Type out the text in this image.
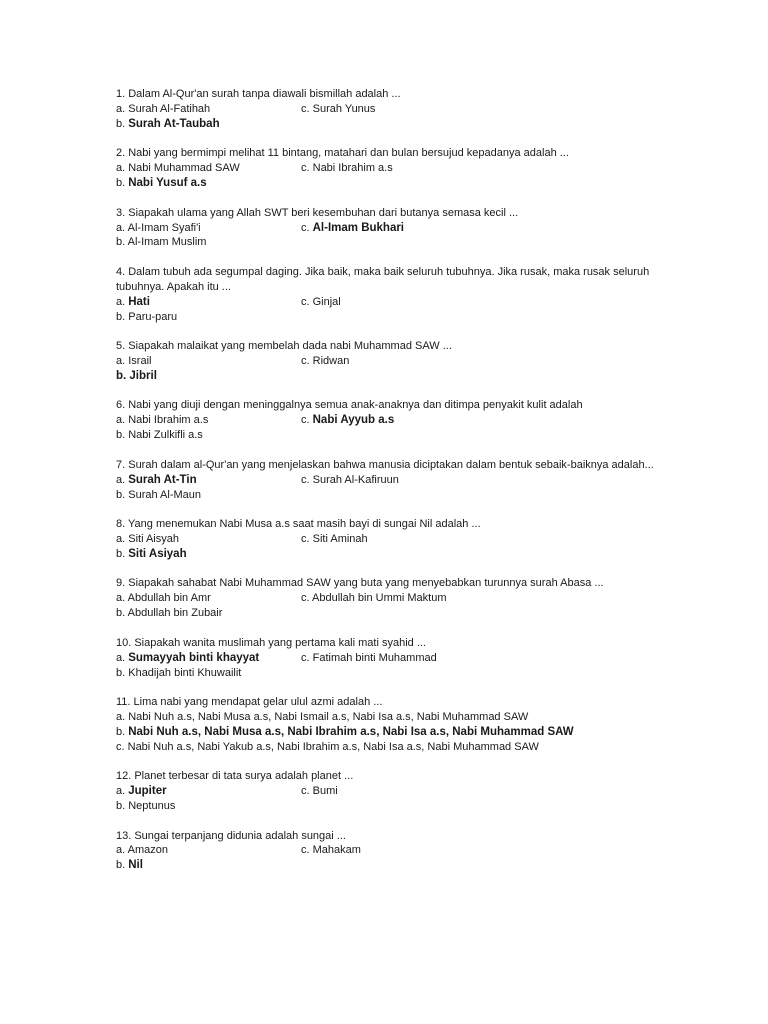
1. Dalam Al-Qur'an surah tanpa diawali bismillah adalah ...
a. Surah Al-Fatihah	c. Surah Yunus
b. Surah At-Taubah
2. Nabi yang bermimpi melihat 11 bintang, matahari dan bulan bersujud kepadanya adalah ...
a. Nabi Muhammad SAW	c. Nabi Ibrahim a.s
b. Nabi Yusuf a.s
3. Siapakah ulama yang Allah SWT beri kesembuhan dari butanya semasa kecil ...
a. Al-Imam Syafi'i	c. Al-Imam Bukhari
b. Al-Imam Muslim
4. Dalam tubuh ada segumpal daging. Jika baik, maka baik seluruh tubuhnya. Jika rusak, maka rusak seluruh tubuhnya. Apakah itu ...
a. Hati	c. Ginjal
b. Paru-paru
5. Siapakah malaikat yang membelah dada nabi Muhammad SAW ...
a. Israil	c. Ridwan
b. Jibril
6. Nabi yang diuji dengan meninggalnya semua anak-anaknya dan ditimpa penyakit kulit adalah
a. Nabi Ibrahim a.s	c. Nabi Ayyub a.s
b. Nabi Zulkifli a.s
7. Surah dalam al-Qur'an yang menjelaskan bahwa manusia diciptakan dalam bentuk sebaik-baiknya adalah...
a. Surah At-Tin	c. Surah Al-Kafiruun
b. Surah Al-Maun
8. Yang menemukan Nabi Musa a.s saat masih bayi di sungai Nil adalah ...
a. Siti Aisyah	c. Siti Aminah
b. Siti Asiyah
9. Siapakah sahabat Nabi Muhammad SAW yang buta yang menyebabkan turunnya surah Abasa ...
a. Abdullah bin Amr	c. Abdullah bin Ummi Maktum
b. Abdullah bin Zubair
10. Siapakah wanita muslimah yang pertama kali mati syahid ...
a. Sumayyah binti khayyat	c. Fatimah binti Muhammad
b. Khadijah binti Khuwailit
11. Lima nabi yang mendapat gelar ulul azmi adalah ...
a. Nabi Nuh a.s, Nabi Musa a.s, Nabi Ismail a.s, Nabi Isa a.s, Nabi Muhammad SAW
b. Nabi Nuh a.s, Nabi Musa a.s, Nabi Ibrahim a.s, Nabi Isa a.s, Nabi Muhammad SAW
c. Nabi Nuh a.s, Nabi Yakub a.s, Nabi Ibrahim a.s, Nabi Isa a.s, Nabi Muhammad SAW
12. Planet terbesar di tata surya adalah planet ...
a. Jupiter	c. Bumi
b. Neptunus
13. Sungai terpanjang didunia adalah sungai ...
a. Amazon	c. Mahakam
b. Nil
